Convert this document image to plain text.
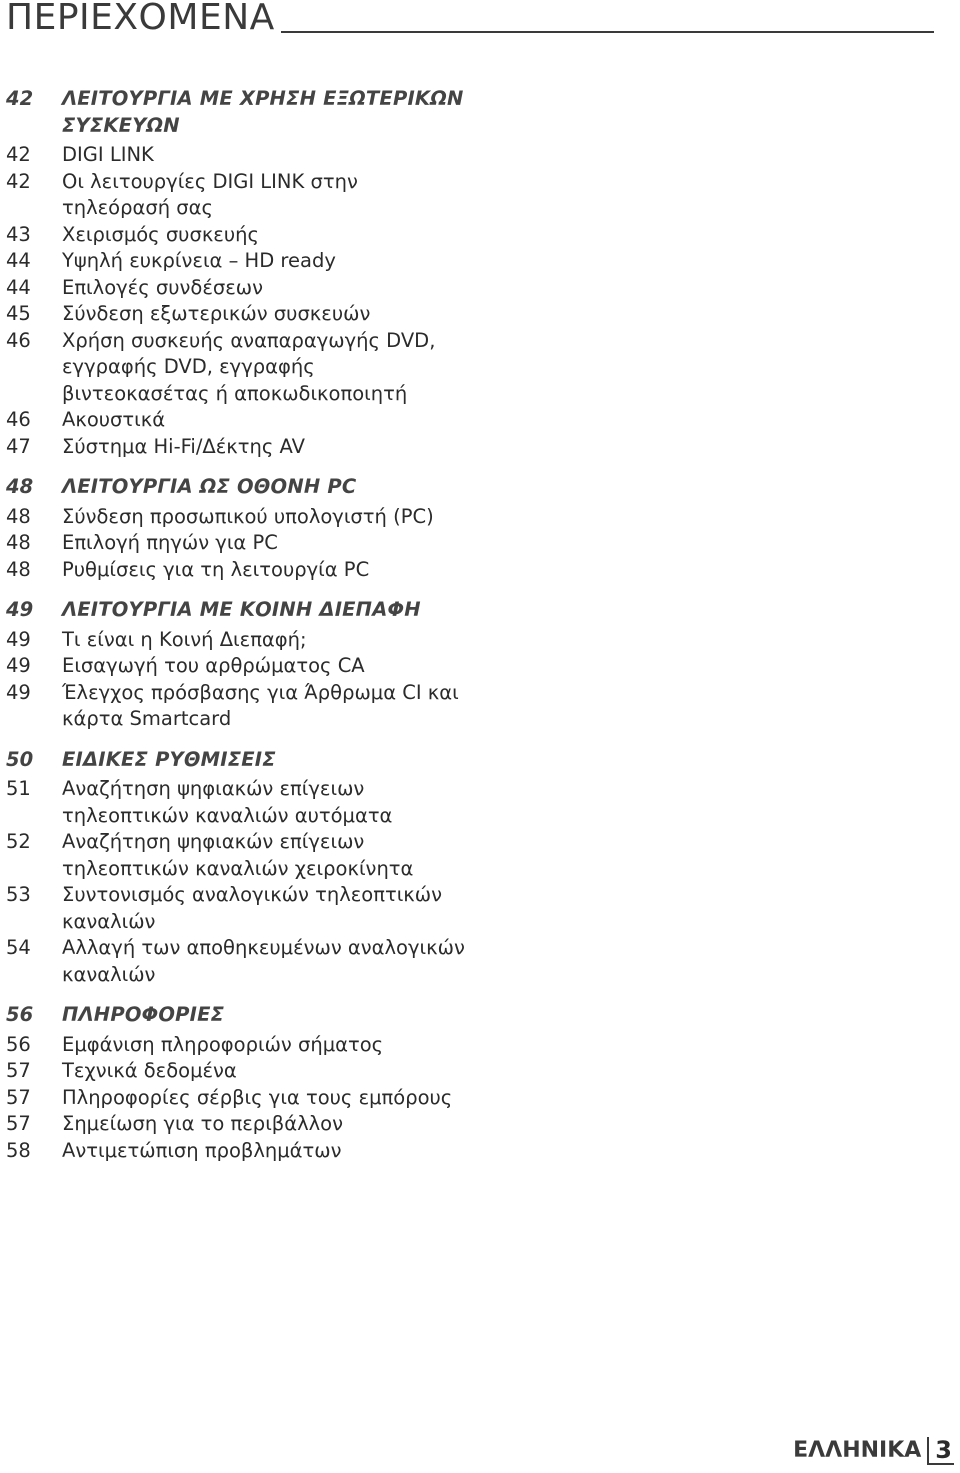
ΠΕΡΙΕΧΟΜΕΝΑ
42	ΛΕΙΤΟΥΡΓΙΑ ΜΕ ΧΡΗΣΗ ΕΞΩΤΕΡΙΚΩΝ ΣΥΣΚΕΥΩΝ
42	DIGI LINK
42	Οι λειτουργίες DIGI LINK στην τηλεόρασή σας
43	Χειρισμός συσκευής
44	Υψηλή ευκρίνεια – HD ready
44	Επιλογές συνδέσεων
45	Σύνδεση εξωτερικών συσκευών
46	Χρήση συσκευής αναπαραγωγής DVD, εγγραφής DVD, εγγραφής βιντεοκασέτας ή αποκωδικοποιητή
46	Ακουστικά
47	Σύστημα Hi-Fi/Δέκτης AV
48	ΛΕΙΤΟΥΡΓΙΑ ΩΣ ΟΘΟΝΗ PC
48	Σύνδεση προσωπικού υπολογιστή (PC)
48	Επιλογή πηγών για PC
48	Ρυθμίσεις για τη λειτουργία PC
49	ΛΕΙΤΟΥΡΓΙΑ ΜΕ ΚΟΙΝΗ ΔΙΕΠΑΦΗ
49	Τι είναι η Κοινή Διεπαφή;
49	Εισαγωγή του αρθρώματος CA
49	Έλεγχος πρόσβασης για Άρθρωμα CI και κάρτα Smartcard
50	ΕΙΔΙΚΕΣ ΡΥΘΜΙΣΕΙΣ
51	Αναζήτηση ψηφιακών επίγειων τηλεοπτικών καναλιών αυτόματα
52	Αναζήτηση ψηφιακών επίγειων τηλεοπτικών καναλιών χειροκίνητα
53	Συντονισμός αναλογικών τηλεοπτικών καναλιών
54	Αλλαγή των αποθηκευμένων αναλογικών καναλιών
56	ΠΛΗΡΟΦΟΡΙΕΣ
56	Εμφάνιση πληροφοριών σήματος
57	Τεχνικά δεδομένα
57	Πληροφορίες σέρβις για τους εμπόρους
57	Σημείωση για το περιβάλλον
58	Αντιμετώπιση προβλημάτων
ΕΛΛΗΝΙΚΑ 3
